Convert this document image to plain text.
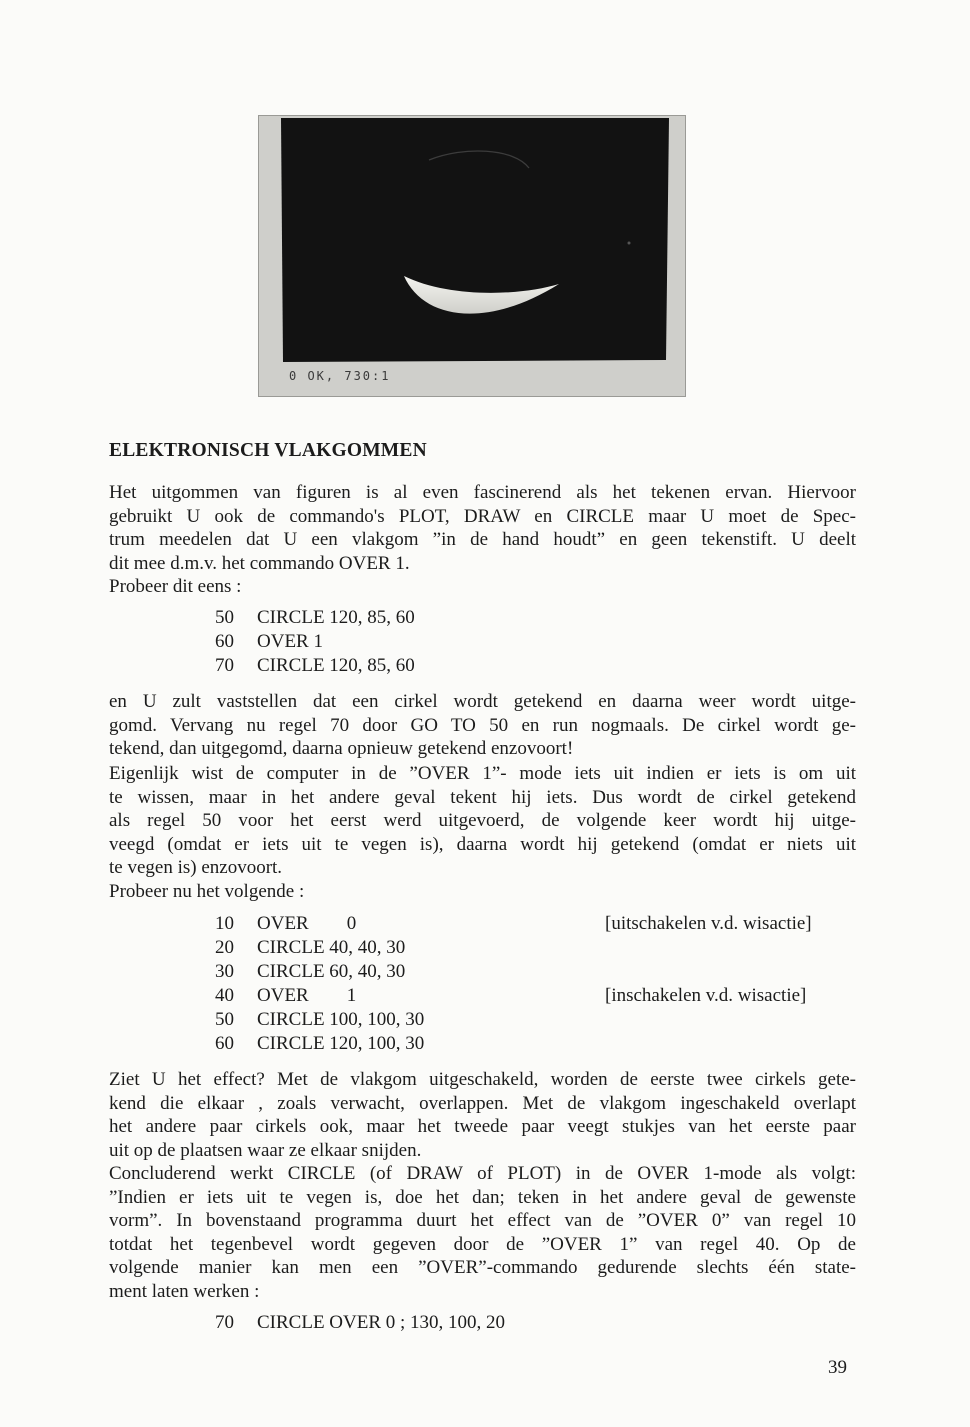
0 OK, 730:1
ELEKTRONISCH VLAKGOMMEN

Het uitgommen van figuren is al even fascinerend als het tekenen ervan. Hiervoor
gebruikt U ook de commando's PLOT, DRAW en CIRCLE maar U moet de Spec-
trum meedelen dat U een vlakgom ”in de hand houdt” en geen tekenstift. U deelt
dit mee d.m.v. het commando OVER 1.

Probeer dit eens :

50	CIRCLE 120, 85, 60
60	OVER 1
70	CIRCLE 120, 85, 60

en U zult vaststellen dat een cirkel wordt getekend en daarna weer wordt uitge-
gomd. Vervang nu regel 70 door GO TO 50 en run nogmaals. De cirkel wordt ge-
tekend, dan uitgegomd, daarna opnieuw getekend enzovoort!

Eigenlijk wist de computer in de ”OVER 1”- mode iets uit indien er iets is om uit
te wissen, maar in het andere geval tekent hij iets. Dus wordt de cirkel getekend
als regel 50 voor het eerst werd uitgevoerd, de volgende keer wordt hij uitge-
veegd (omdat er iets uit te vegen is), daarna wordt hij getekend (omdat er niets uit
te vegen is) enzovoort.

Probeer nu het volgende :

10	OVER        0	[uitschakelen v.d. wisactie]
20	CIRCLE 40, 40, 30
30	CIRCLE 60, 40, 30
40	OVER        1	[inschakelen v.d. wisactie]
50	CIRCLE 100, 100, 30
60	CIRCLE 120, 100, 30

Ziet U het effect? Met de vlakgom uitgeschakeld, worden de eerste twee cirkels gete-
kend die elkaar , zoals verwacht, overlappen. Met de vlakgom ingeschakeld overlapt
het andere paar cirkels ook, maar het tweede paar veegt stukjes van het eerste paar
uit op de plaatsen waar ze elkaar snijden.

Concluderend werkt CIRCLE (of DRAW of PLOT) in de OVER 1-mode als volgt:
”Indien er iets uit te vegen is, doe het dan; teken in het andere geval de gewenste
vorm”. In bovenstaand programma duurt het effect van de ”OVER 0” van regel 10
totdat het tegenbevel wordt gegeven door de ”OVER 1” van regel 40. Op de
volgende manier kan men een ”OVER”-commando gedurende slechts één state-
ment laten werken :

70	CIRCLE OVER 0 ; 130, 100, 20
39
